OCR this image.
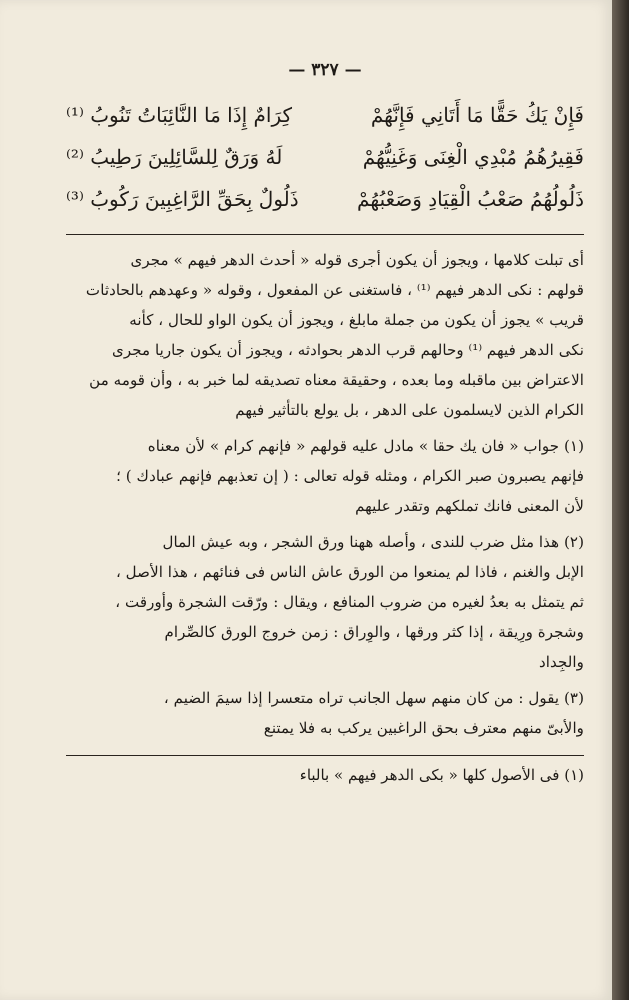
— ٣٢٧ —
فَإِنْ يَكُ حَقًّا مَا أَتَانِي فَإِنَّهُمْ
كِرَامٌ إِذَا مَا النَّائِبَاتُ تَنُوبُ ⁽¹⁾
فَقِيرُهُمُ مُبْدِي الْغِنَى وَغَنِيُّهُمْ
لَهُ وَرَقٌ لِلسَّائِلِينَ رَطِيبُ ⁽²⁾
ذَلُولُهُمُ صَعْبُ الْقِيَادِ وَصَعْبُهُمْ
ذَلُولٌ بِحَقِّ الرَّاغِبِينَ رَكُوبُ ⁽³⁾

أى تبلت كلامها ، ويجوز أن يكون أجرى قوله « أحدث الدهر فيهم » مجرى
قولهم : نكى الدهر فيهم ⁽¹⁾ ، فاستغنى عن المفعول ، وقوله « وعهدهم بالحادثات
قريب » يجوز أن يكون من جملة مابلغ ، ويجوز أن يكون الواو للحال ، كأنه
نكى الدهر فيهم ⁽¹⁾ وحالهم قرب الدهر بحوادثه ، ويجوز أن يكون جاريا مجرى
الاعتراض بين ماقبله وما بعده ، وحقيقة معناه تصديقه لما خبر به ، وأن قومه من
الكرام الذين لايسلمون على الدهر ، بل يولع بالتأثير فيهم

(١) جواب « فان يك حقا » مادل عليه قولهم « فإنهم كرام » لأن معناه
فإنهم يصبرون صبر الكرام ، ومثله قوله تعالى : ( إن تعذبهم فإنهم عبادك ) ؛
لأن المعنى فانك تملكهم وتقدر عليهم

(٢) هذا مثل ضرب للندى ، وأصله ههنا ورق الشجر ، وبه عيش المال
الإبل والغنم ، فاذا لم يمنعوا من الورق عاش الناس فى فنائهم ، هذا الأصل ،
ثم يتمثل به بعدُ لغيره من ضروب المنافع ، ويقال : ورّقت الشجرة وأورقت ،
وشجرة ورِيقة ، إذا كثر ورقها ، والوِراق : زمن خروج الورق كالصِّرام
والجِداد

(٣) يقول : من كان منهم سهل الجانب تراه متعسرا إذا سيمَ الضيم ،
والأبىّ منهم معترف بحق الراغبين يركب به فلا يمتنع

(١) فى الأصول كلها « بكى الدهر فيهم » بالباء
